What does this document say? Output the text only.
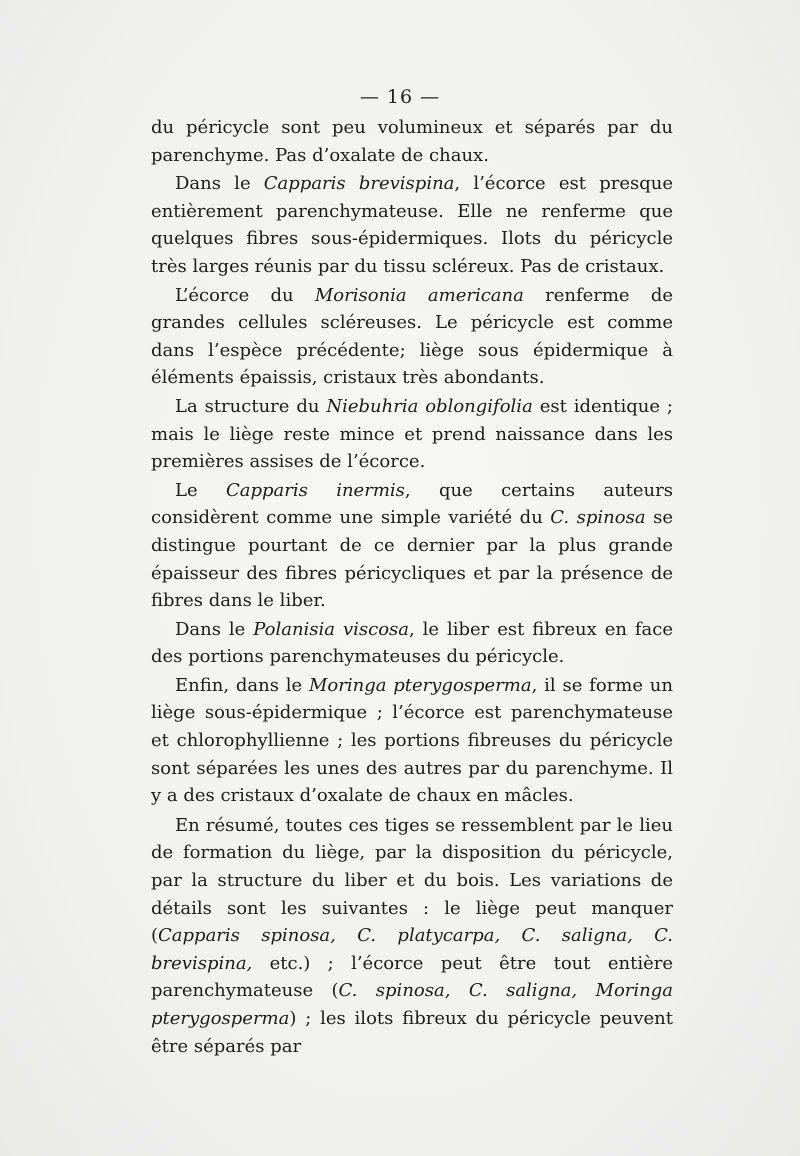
— 16 —

du péricycle sont peu volumineux et séparés par du parenchyme. Pas d’oxalate de chaux.

Dans le Capparis brevispina, l’écorce est presque entièrement parenchymateuse. Elle ne renferme que quelques fibres sous-épidermiques. Ilots du péricycle très larges réunis par du tissu scléreux. Pas de cristaux.

L’écorce du Morisonia americana renferme de grandes cellules scléreuses. Le péricycle est comme dans l’espèce précédente; liège sous épidermique à éléments épaissis, cristaux très abondants.

La structure du Niebuhria oblongifolia est identique ; mais le liège reste mince et prend naissance dans les premières assises de l’écorce.

Le Capparis inermis, que certains auteurs considèrent comme une simple variété du C. spinosa se distingue pourtant de ce dernier par la plus grande épaisseur des fibres péricycliques et par la présence de fibres dans le liber.

Dans le Polanisia viscosa, le liber est fibreux en face des portions parenchymateuses du péricycle.

Enfin, dans le Moringa pterygosperma, il se forme un liège sous-épidermique ; l’écorce est parenchymateuse et chlorophyllienne ; les portions fibreuses du péricycle sont séparées les unes des autres par du parenchyme. Il y a des cristaux d’oxalate de chaux en mâcles.

En résumé, toutes ces tiges se ressemblent par le lieu de formation du liège, par la disposition du péricycle, par la structure du liber et du bois. Les variations de détails sont les suivantes : le liège peut manquer (Capparis spinosa, C. platycarpa, C. saligna, C. brevispina, etc.) ; l’écorce peut être tout entière parenchymateuse (C. spinosa, C. saligna, Moringa pterygosperma) ; les ilots fibreux du péricycle peuvent être séparés par
